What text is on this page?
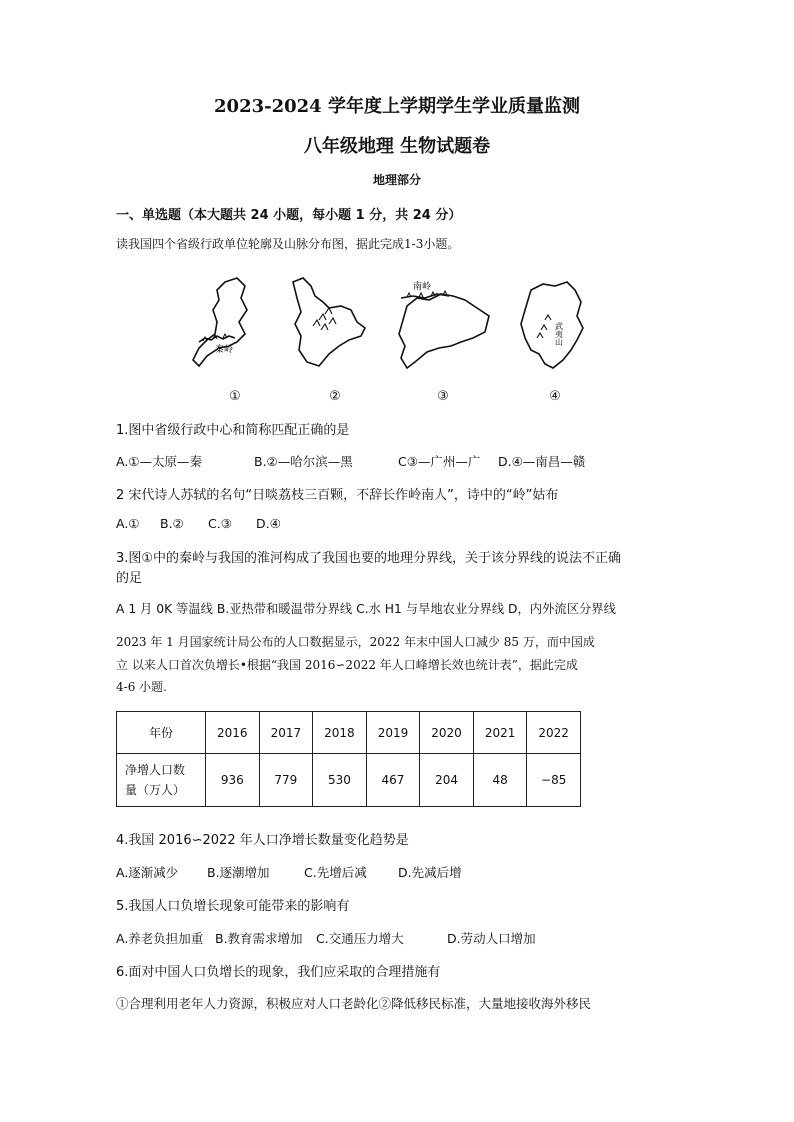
2023-2024 学年度上学期学生学业质量监测
八年级地理 生物试题卷
地理部分
一、单选题（本大题共 24 小题，每小题 1 分，共 24 分）
读我国四个省级行政单位轮廓及山脉分布图，据此完成1-3小题。
秦岭
①	②
南岭
③
武夷山
④
1.图中省级行政中心和简称匹配正确的是
A.①—太原—秦	B.②—哈尔滨—黑	C③—广州—广 D.④—南昌—赣
2 宋代诗人苏轼的名句“日啖荔枝三百颗，不辞长作岭南人”，诗中的“岭”姑布
A.① B.② C.③ D.④
3.图①中的秦岭与我国的淮河构成了我国也要的地理分界线，关于该分界线的说法不正确
的足
A 1 月 0K 等温线 B.亚热带和暖温带分界线 C.水 H1 与旱地农业分界线 D，内外流区分界线
2023 年 1 月国家统计局公布的人口数据显示，2022 年末中国人口减少 85 万，而中国成
立 以来人口首次负增长•根据“我国 2016∽2022 年人口峰增长效也统计表”，据此完成
4-6 小题.
年份	2016	2017	2018	2019	2020	2021	2022
净增人口数
量（万人）	936	779	530	467	204	48	−85
4.我国 2016∽2022 年人口净增长数量变化趋势是
A.逐渐减少 B.逐潮增加	C.先增后减	D.先减后增
5.我国人口负增长现象可能带来的影响有
A.养老负担加重 B.教育需求增加 C.交通压力增大	D.劳动人口增加
6.面对中国人口负增长的现象，我们应采取的合理措施有
①合理利用老年人力资源，积极应对人口老龄化②降低移民标准，大量地接收海外移民
